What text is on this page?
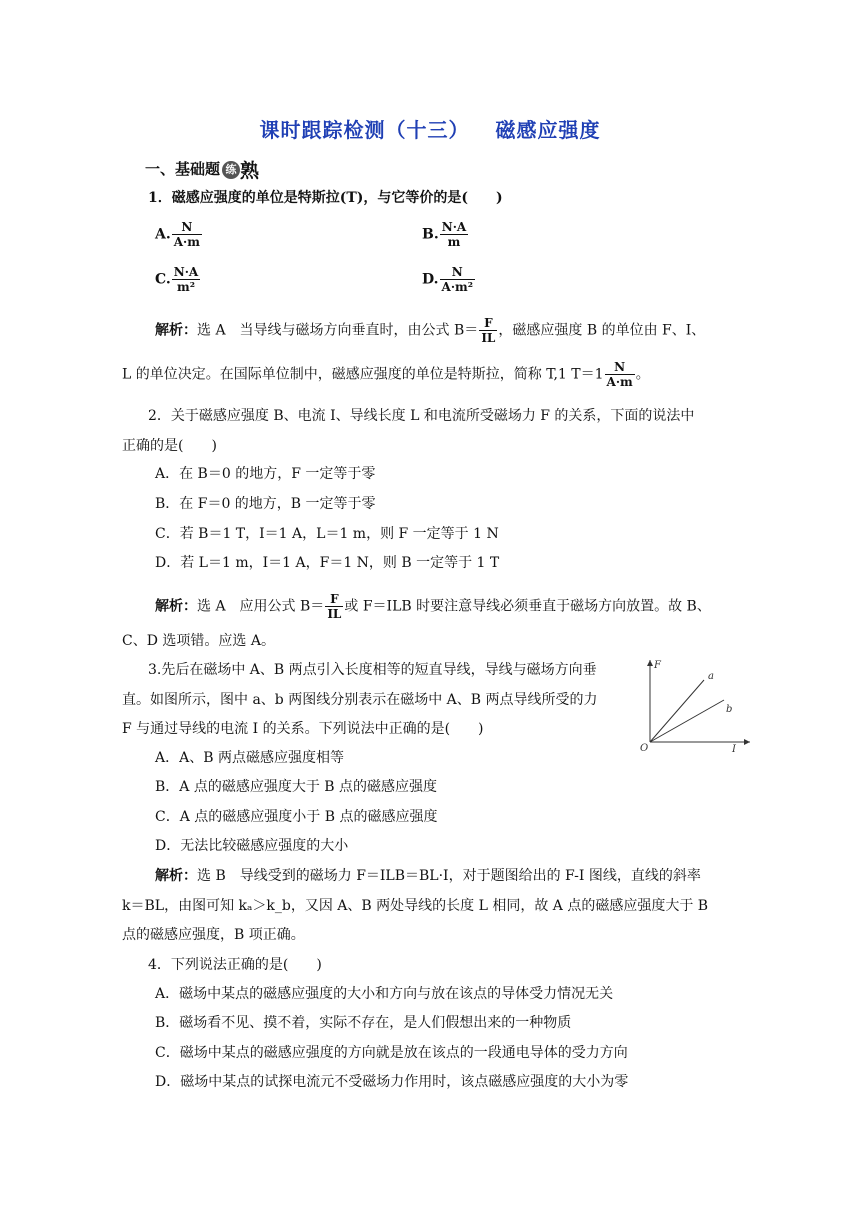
课时跟踪检测（十三） 磁感应强度
一、基础题 练 熟
1．磁感应强度的单位是特斯拉(T)，与它等价的是(　　)
A. $\frac{N}{A\cdot m}$	B. $\frac{N\cdot A}{m}$
C. $\frac{N\cdot A}{\text{m²}}$	D. $\frac{N}{\text{A·m²}}$
解析：选 A　当导线与磁场方向垂直时，由公式 $B= \frac{F}{IL}$ ，磁感应强度 B 的单位由 F、I、
L 的单位决定。在国际单位制中，磁感应强度的单位是特斯拉，简称 T,1 $T=1 \frac{N}{A\cdot m}$ 。
2．关于磁感应强度 B、电流 I、导线长度 L 和电流所受磁场力 F 的关系，下面的说法中
正确的是(　　)
A．在 B＝0 的地方，F 一定等于零
B．在 F＝0 的地方，B 一定等于零
C．若 B＝1 T，I＝1 A，L＝1 m，则 F 一定等于 1 N
D．若 L＝1 m，I＝1 A，F＝1 N，则 B 一定等于 1 T
解析：选 A　应用公式 $B= \frac{F}{IL}$ 或 F＝ILB 时要注意导线必须垂直于磁场方向放置。故 B、
C、D 选项错。应选 A。
3.先后在磁场中 A、B 两点引入长度相等的短直导线，导线与磁场方向垂
直。如图所示，图中 a、b 两图线分别表示在磁场中 A、B 两点导线所受的力
F 与通过导线的电流 I 的关系。下列说法中正确的是(　　)
F
I
O
a
b
A．A、B 两点磁感应强度相等
B．A 点的磁感应强度大于 B 点的磁感应强度
C．A 点的磁感应强度小于 B 点的磁感应强度
D．无法比较磁感应强度的大小
解析：选 B　导线受到的磁场力 F＝ILB＝BL·I，对于题图给出的 F-I 图线，直线的斜率
k＝BL，由图可知 kₐ＞k_b，又因 A、B 两处导线的长度 L 相同，故 A 点的磁感应强度大于 B
点的磁感应强度，B 项正确。
4．下列说法正确的是(　　)
A．磁场中某点的磁感应强度的大小和方向与放在该点的导体受力情况无关
B．磁场看不见、摸不着，实际不存在，是人们假想出来的一种物质
C．磁场中某点的磁感应强度的方向就是放在该点的一段通电导体的受力方向
D．磁场中某点的试探电流元不受磁场力作用时，该点磁感应强度的大小为零
